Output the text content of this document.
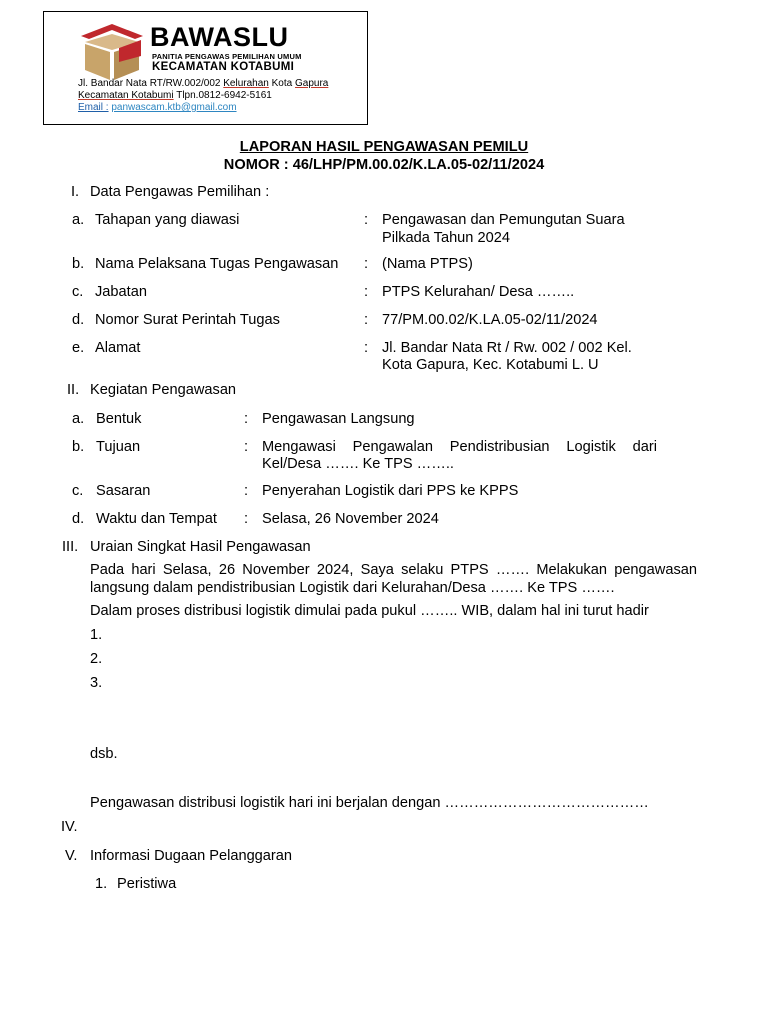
BAWASLU
PANITIA PENGAWAS PEMILIHAN UMUM
KECAMATAN KOTABUMI
Jl. Bandar Nata RT/RW.002/002 Kelurahan Kota Gapura
Kecamatan Kotabumi Tlpn.0812-6942-5161
Email : panwascam.ktb@gmail.com
LAPORAN HASIL PENGAWASAN PEMILU
NOMOR : 46/LHP/PM.00.02/K.LA.05-02/11/2024
I. Data Pengawas Pemilihan :
a. Tahapan yang diawasi	: Pengawasan dan Pemungutan Suara
Pilkada Tahun 2024
b. Nama Pelaksana Tugas Pengawasan : (Nama PTPS)
c. Jabatan	: PTPS Kelurahan/ Desa ……..
d. Nomor Surat Perintah Tugas	: 77/PM.00.02/K.LA.05-02/11/2024
e. Alamat	: Jl. Bandar Nata Rt / Rw. 002 / 002 Kel.
Kota Gapura, Kec. Kotabumi L. U
II. Kegiatan Pengawasan
a. Bentuk	: Pengawasan Langsung
b. Tujuan	: Mengawasi Pengawalan Pendistribusian Logistik dari
Kel/Desa ……. Ke TPS ……..
c. Sasaran	: Penyerahan Logistik dari PPS ke KPPS
d. Waktu dan Tempat : Selasa, 26 November 2024
III. Uraian Singkat Hasil Pengawasan
Pada hari Selasa, 26 November 2024, Saya selaku PTPS ……. Melakukan pengawasan
langsung dalam pendistribusian Logistik dari Kelurahan/Desa ……. Ke TPS …….
Dalam proses distribusi logistik dimulai pada pukul …….. WIB, dalam hal ini turut hadir
1.
2.
3.
dsb.
Pengawasan distribusi logistik hari ini berjalan dengan ……………………………………
IV.
V. Informasi Dugaan Pelanggaran
1. Peristiwa
